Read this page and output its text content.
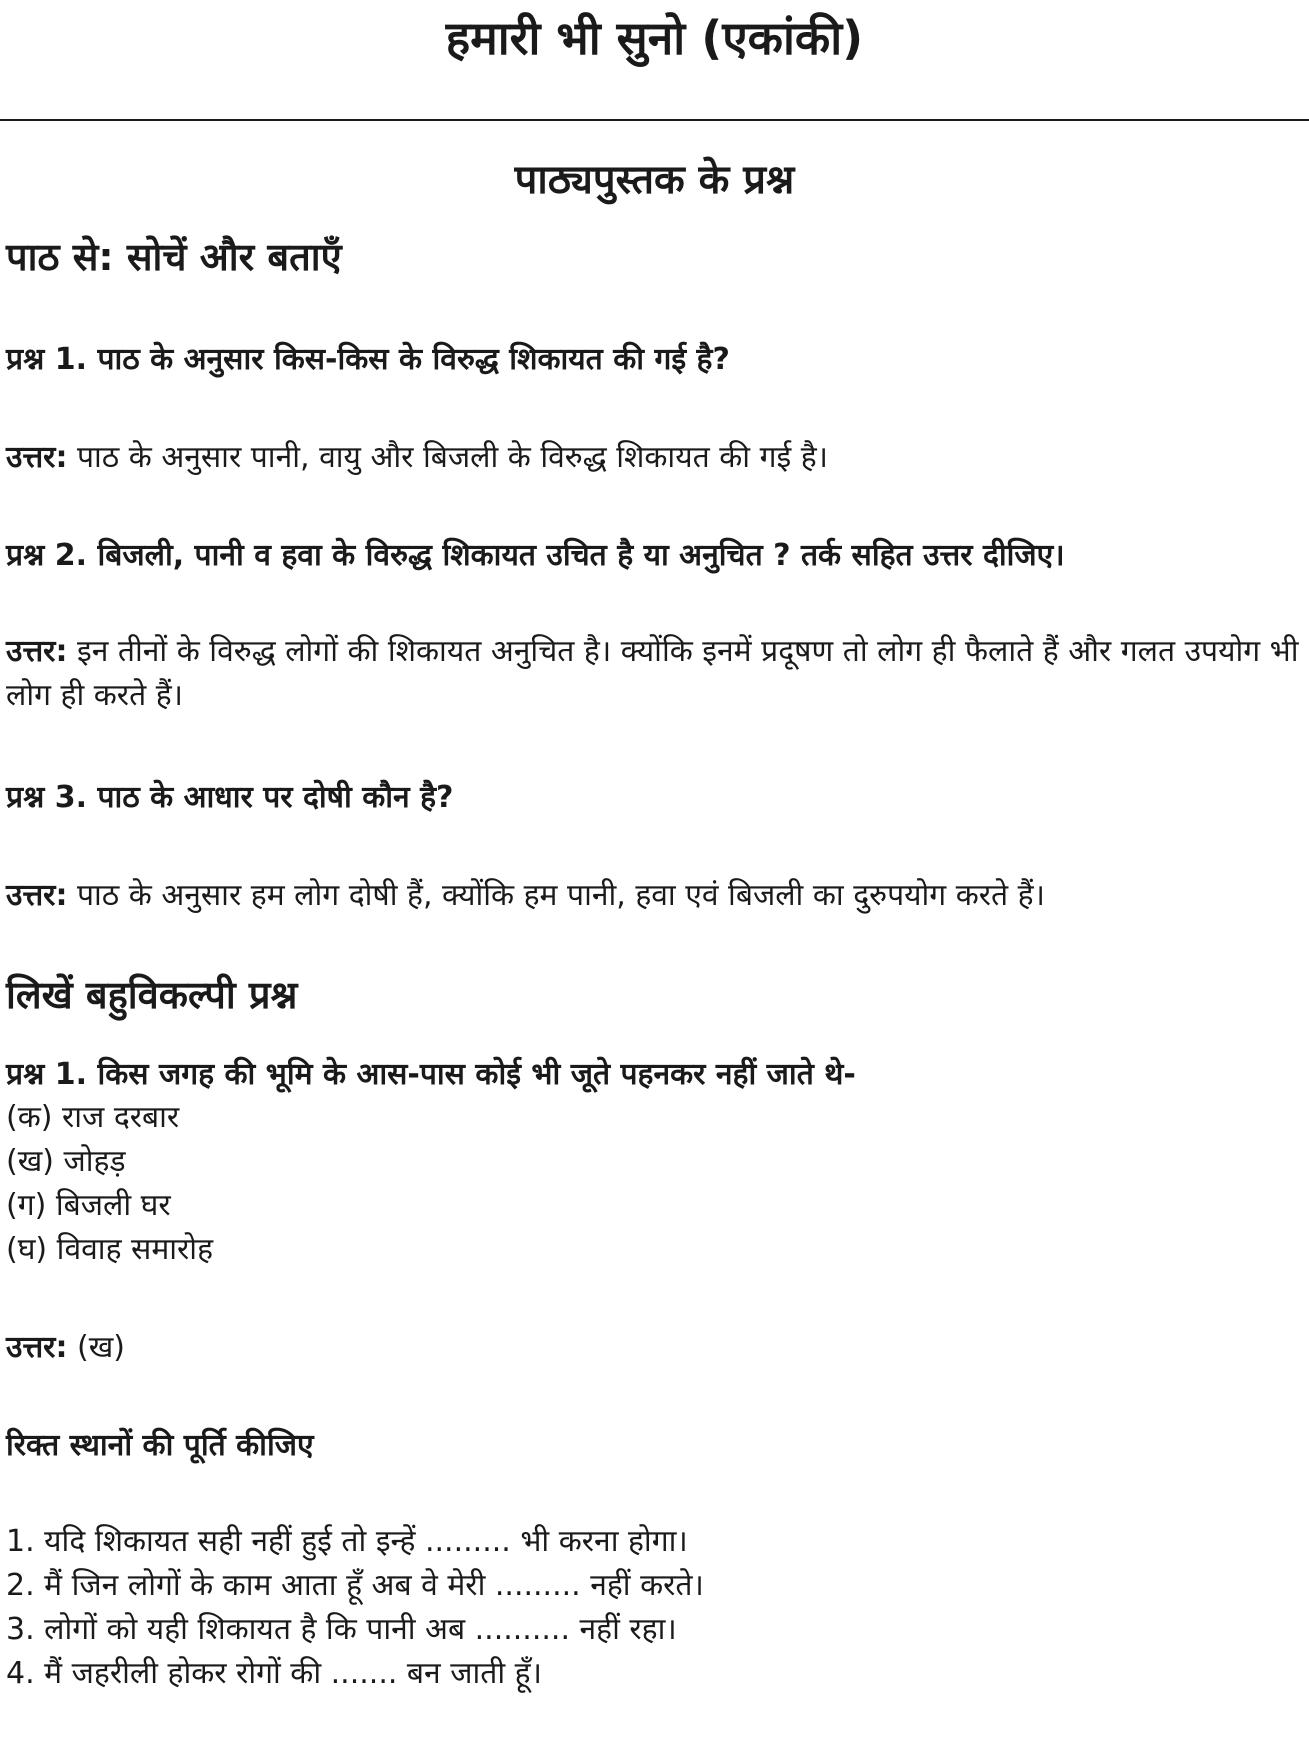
हमारी भी सुनो (एकांकी)
पाठ्यपुस्तक के प्रश्न
पाठ से: सोचें और बताएँ

प्रश्न 1. पाठ के अनुसार किस-किस के विरुद्ध शिकायत की गई है?

उत्तर: पाठ के अनुसार पानी, वायु और बिजली के विरुद्ध शिकायत की गई है।

प्रश्न 2. बिजली, पानी व हवा के विरुद्ध शिकायत उचित है या अनुचित ? तर्क सहित उत्तर दीजिए।

उत्तर: इन तीनों के विरुद्ध लोगों की शिकायत अनुचित है। क्योंकि इनमें प्रदूषण तो लोग ही फैलाते हैं और गलत उपयोग भी लोग ही करते हैं।

प्रश्न 3. पाठ के आधार पर दोषी कौन है?

उत्तर: पाठ के अनुसार हम लोग दोषी हैं, क्योंकि हम पानी, हवा एवं बिजली का दुरुपयोग करते हैं।

लिखें बहुविकल्पी प्रश्न

प्रश्न 1. किस जगह की भूमि के आस-पास कोई भी जूते पहनकर नहीं जाते थे-

(क) राज दरबार

(ख) जोहड़

(ग) बिजली घर

(घ) विवाह समारोह

उत्तर: (ख)

रिक्त स्थानों की पूर्ति कीजिए

1. यदि शिकायत सही नहीं हुई तो इन्हें ......... भी करना होगा।

2. मैं जिन लोगों के काम आता हूँ अब वे मेरी ......... नहीं करते।

3. लोगों को यही शिकायत है कि पानी अब .......... नहीं रहा।

4. मैं जहरीली होकर रोगों की ....... बन जाती हूँ।
